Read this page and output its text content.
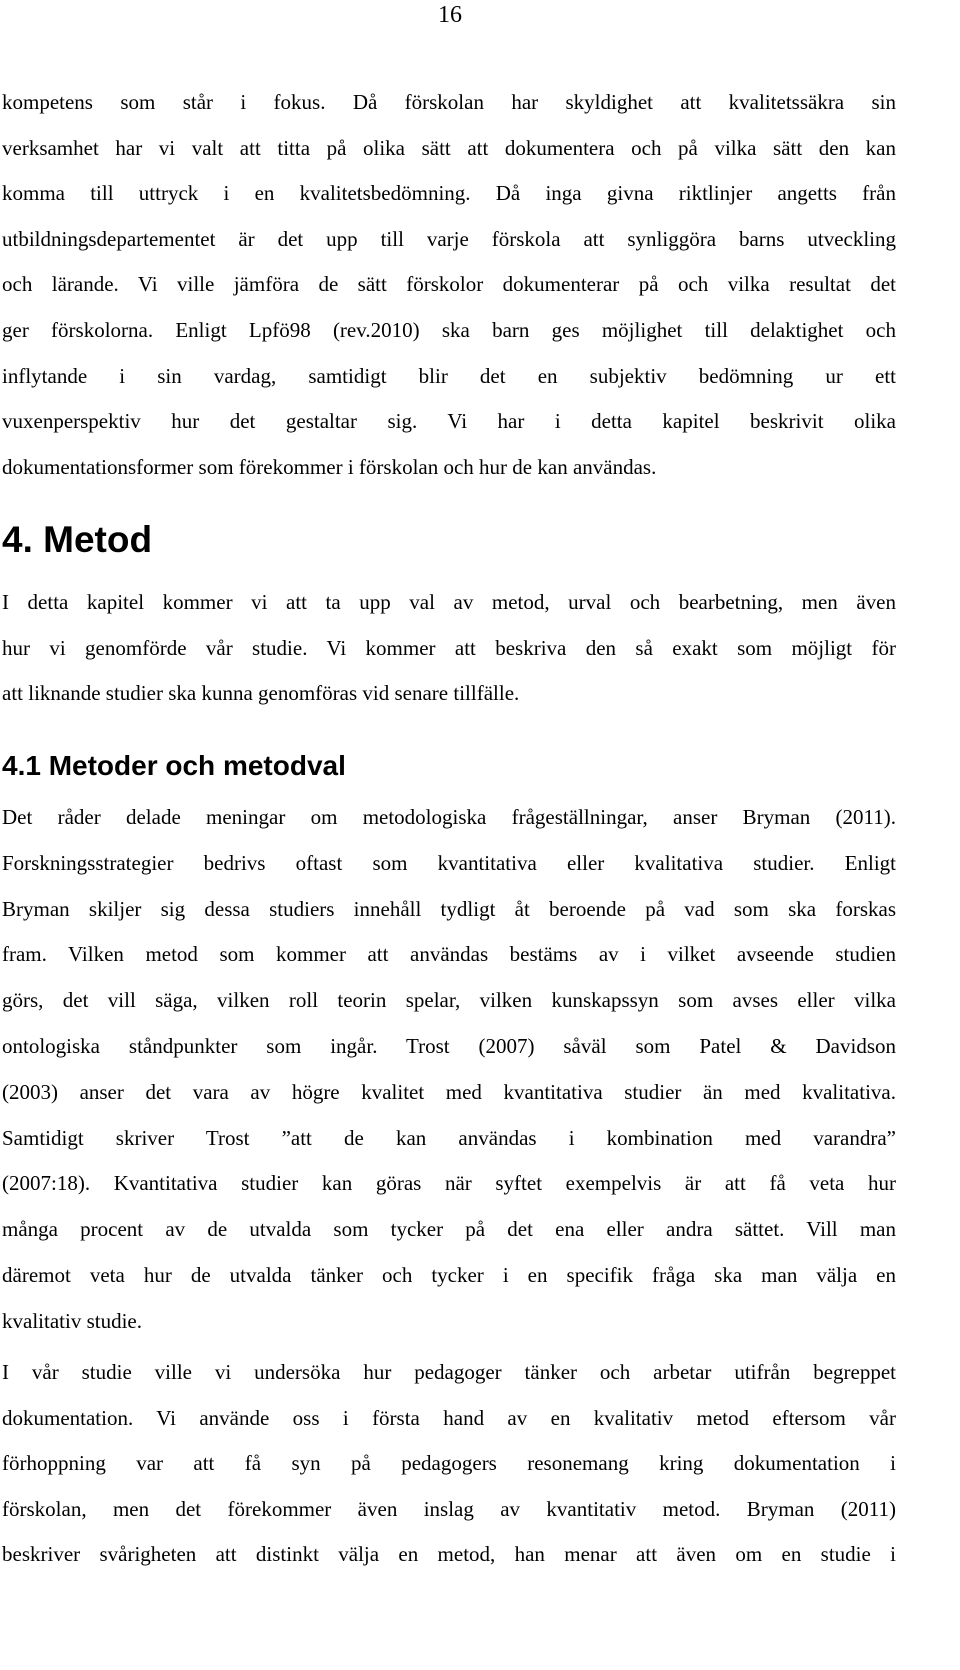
16
kompetens som står i fokus. Då förskolan har skyldighet att kvalitetssäkra sin
verksamhet har vi valt att titta på olika sätt att dokumentera och på vilka sätt den kan
komma till uttryck i en kvalitetsbedömning. Då inga givna riktlinjer angetts från
utbildningsdepartementet är det upp till varje förskola att synliggöra barns utveckling
och lärande. Vi ville jämföra de sätt förskolor dokumenterar på och vilka resultat det
ger förskolorna. Enligt Lpfö98 (rev.2010) ska barn ges möjlighet till delaktighet och
inflytande i sin vardag, samtidigt blir det en subjektiv bedömning ur ett
vuxenperspektiv hur det gestaltar sig. Vi har i detta kapitel beskrivit olika
dokumentationsformer som förekommer i förskolan och hur de kan användas.
4. Metod
I detta kapitel kommer vi att ta upp val av metod, urval och bearbetning, men även
hur vi genomförde vår studie. Vi kommer att beskriva den så exakt som möjligt för
att liknande studier ska kunna genomföras vid senare tillfälle.
4.1 Metoder och metodval
Det råder delade meningar om metodologiska frågeställningar, anser Bryman (2011).
Forskningsstrategier bedrivs oftast som kvantitativa eller kvalitativa studier. Enligt
Bryman skiljer sig dessa studiers innehåll tydligt åt beroende på vad som ska forskas
fram. Vilken metod som kommer att användas bestäms av i vilket avseende studien
görs, det vill säga, vilken roll teorin spelar, vilken kunskapssyn som avses eller vilka
ontologiska ståndpunkter som ingår. Trost (2007) såväl som Patel & Davidson
(2003) anser det vara av högre kvalitet med kvantitativa studier än med kvalitativa.
Samtidigt skriver Trost ”att de kan användas i kombination med varandra”
(2007:18). Kvantitativa studier kan göras när syftet exempelvis är att få veta hur
många procent av de utvalda som tycker på det ena eller andra sättet. Vill man
däremot veta hur de utvalda tänker och tycker i en specifik fråga ska man välja en
kvalitativ studie.
I vår studie ville vi undersöka hur pedagoger tänker och arbetar utifrån begreppet
dokumentation. Vi använde oss i första hand av en kvalitativ metod eftersom vår
förhoppning var att få syn på pedagogers resonemang kring dokumentation i
förskolan, men det förekommer även inslag av kvantitativ metod. Bryman (2011)
beskriver svårigheten att distinkt välja en metod, han menar att även om en studie i
